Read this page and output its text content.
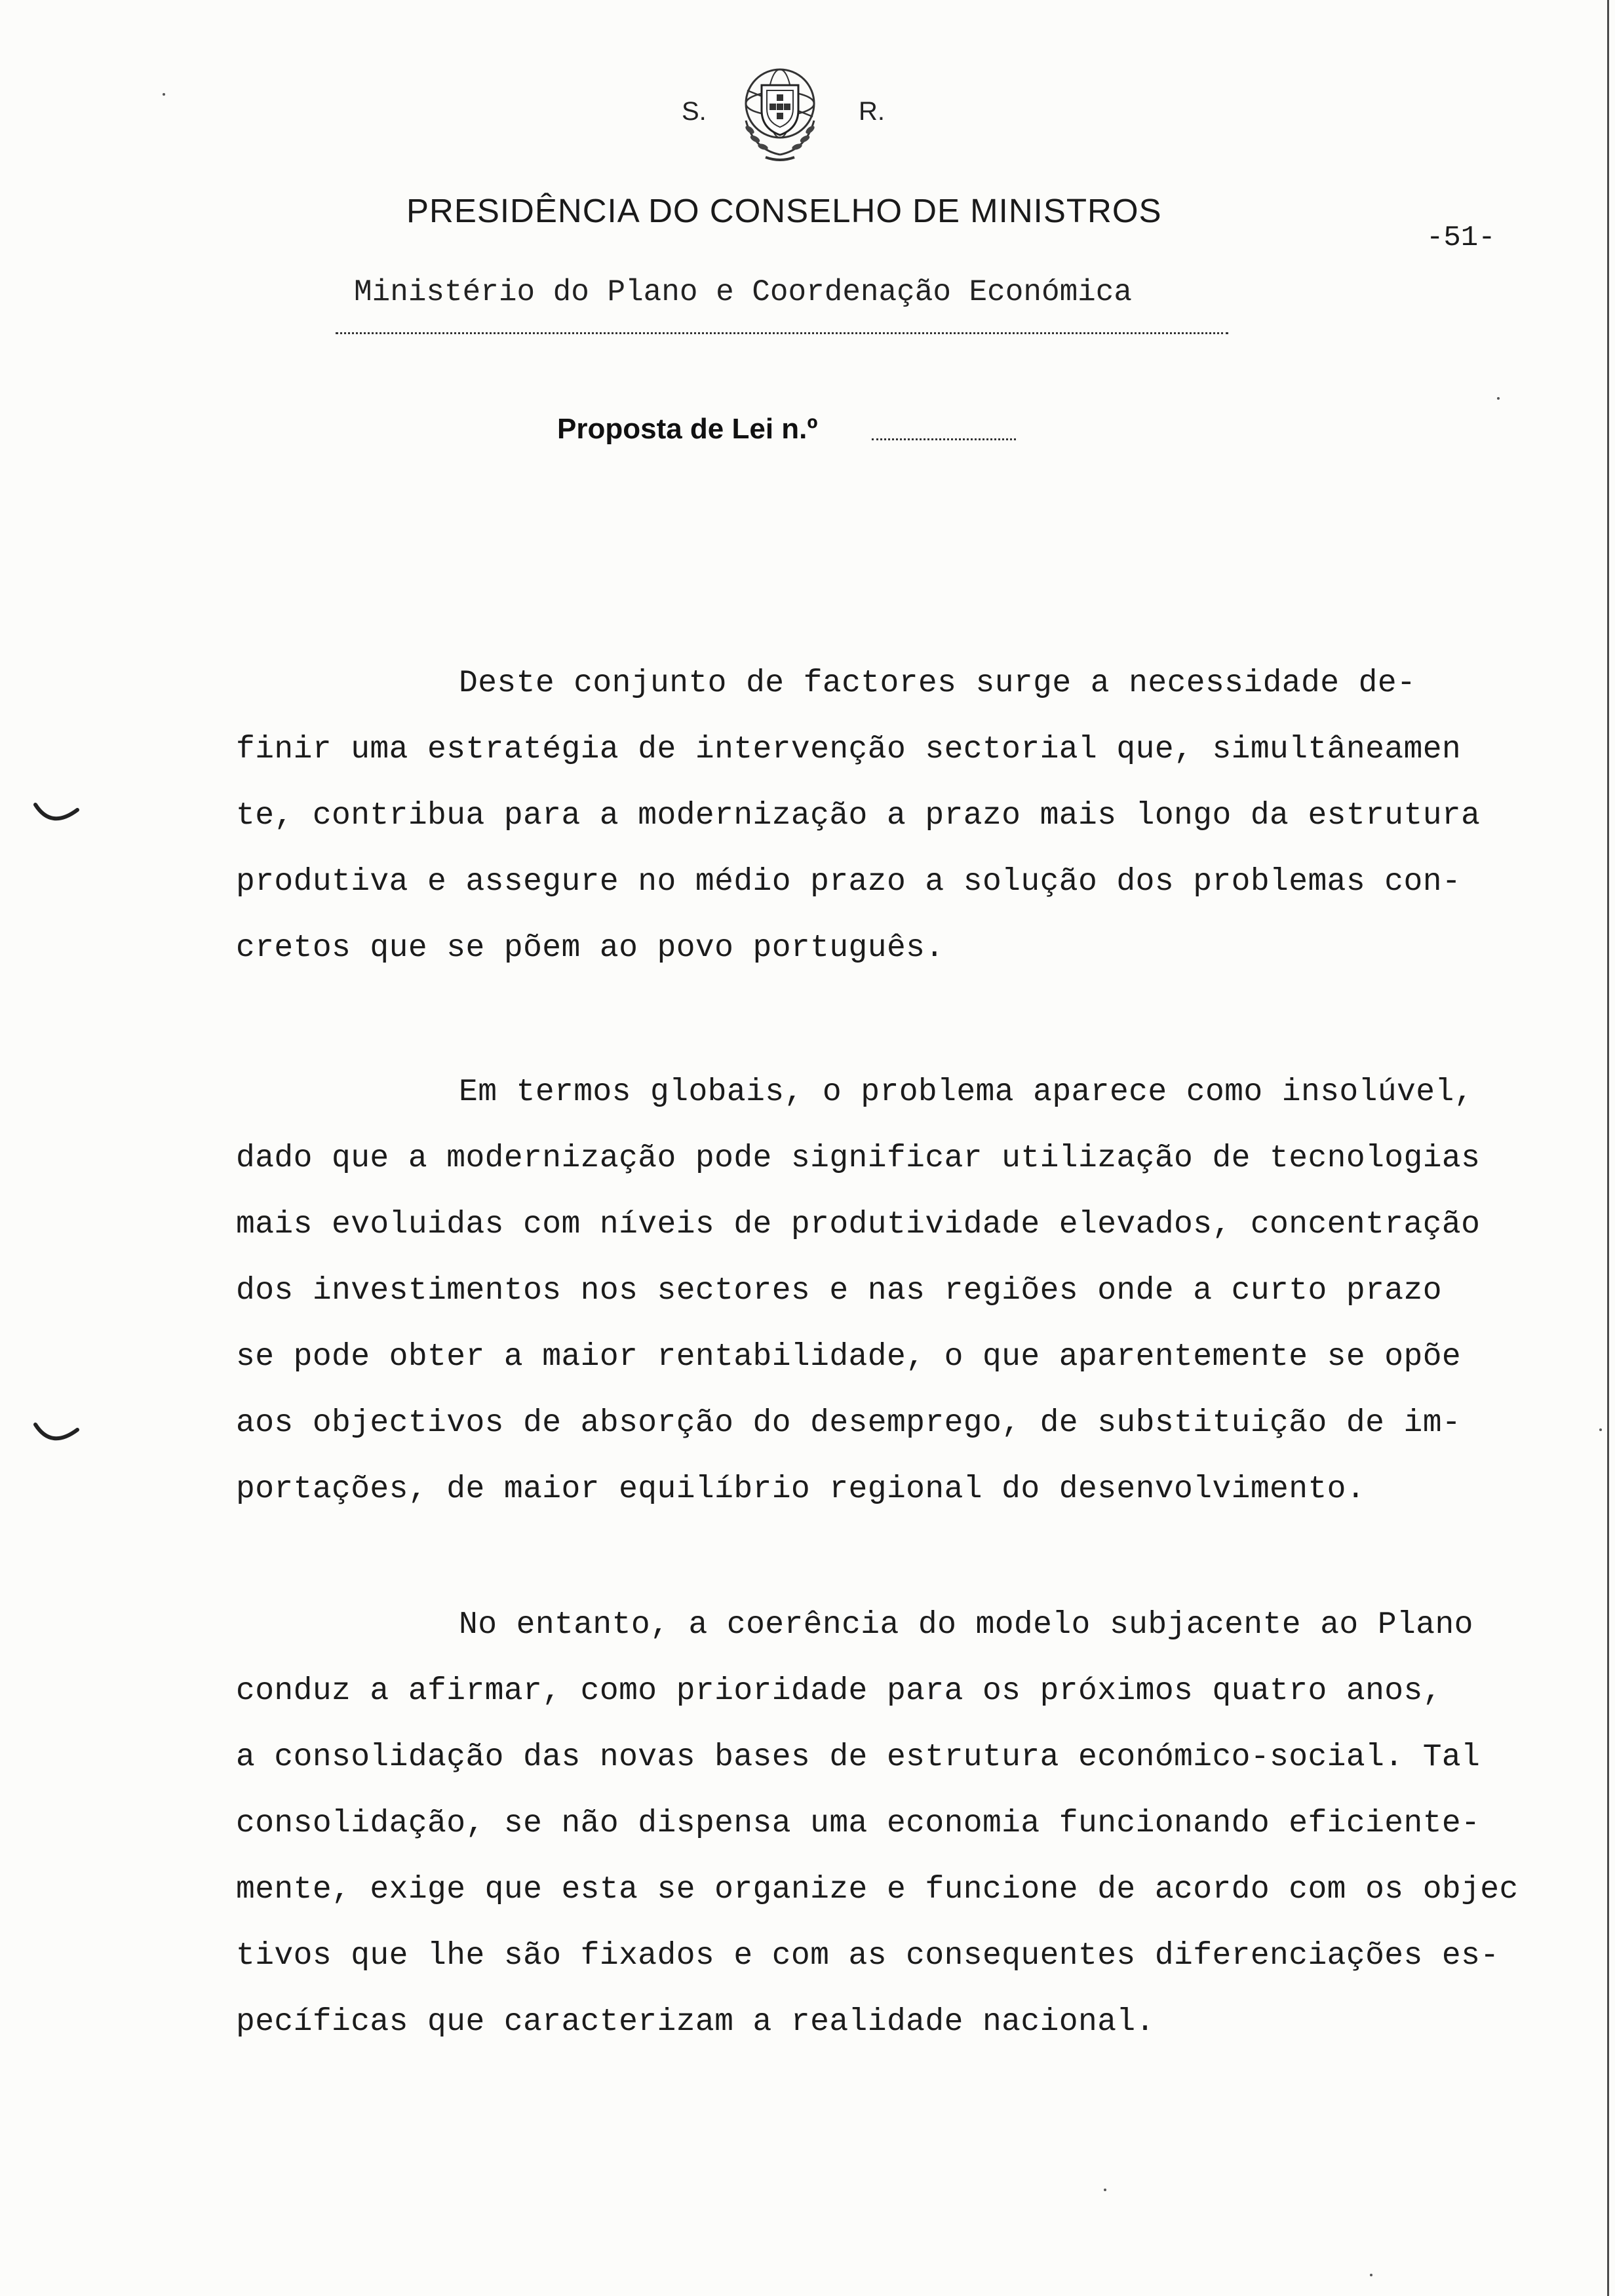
S.	R.
PRESIDÊNCIA DO CONSELHO DE MINISTROS
-51-
Ministério do Plano e Coordenação Económica
Proposta de Lei n.º
Deste conjunto de factores surge a necessidade de-
finir uma estratégia de intervenção sectorial que, simultâneamen
te, contribua para a modernização a prazo mais longo da estrutura
produtiva e assegure no médio prazo a solução dos problemas con-
cretos que se põem ao povo português.
Em termos globais, o problema aparece como insolúvel,
dado que a modernização pode significar utilização de tecnologias
mais evoluidas com níveis de produtividade elevados, concentração
dos investimentos nos sectores e nas regiões onde a curto prazo
se pode obter a maior rentabilidade, o que aparentemente se opõe
aos objectivos de absorção do desemprego, de substituição de im-
portações, de maior equilíbrio regional do desenvolvimento.
No entanto, a coerência do modelo subjacente ao Plano
conduz a afirmar, como prioridade para os próximos quatro anos,
a consolidação das novas bases de estrutura económico-social. Tal
consolidação, se não dispensa uma economia funcionando eficiente-
mente, exige que esta se organize e funcione de acordo com os objec
tivos que lhe são fixados e com as consequentes diferenciações es-
pecíficas que caracterizam a realidade nacional.
